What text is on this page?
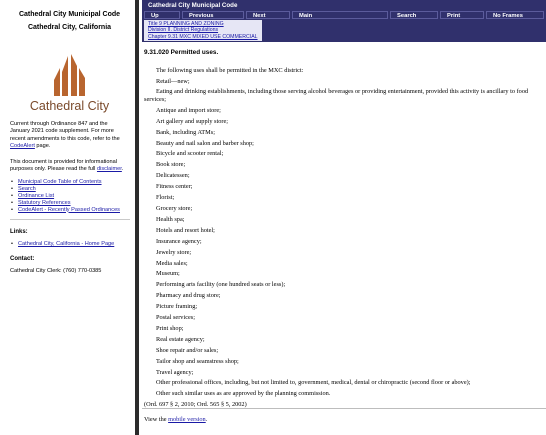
Cathedral City Municipal Code
Cathedral City, California
Cathedral City

Current through Ordinance 847 and the January 2021 code supplement. For more recent amendments to this code, refer to the CodeAlert page.

This document is provided for informational purposes only. Please read the full disclaimer.

• Municipal Code Table of Contents
• Search
• Ordinance List
• Statutory References
• CodeAlert - Recently Passed Ordinances
Links:
• Cathedral City, California - Home Page
Contact:

Cathedral City Clerk: (760) 770-0385

Cathedral City Municipal Code
Up	Previous	Next	Main	Search	Print	No Frames
Title 9 PLANNING AND ZONING
Division II. District Regulations
Chapter 9.31 MXC MIXED USE COMMERCIAL
9.31.020 Permitted uses.
The following uses shall be permitted in the MXC district:
Retail—new;
Eating and drinking establishments, including those serving alcohol beverages or providing entertainment, provided this activity is ancillary to food services;
Antique and import store;
Art gallery and supply store;
Bank, including ATMs;
Beauty and nail salon and barber shop;
Bicycle and scooter rental;
Book store;
Delicatessen;
Fitness center;
Florist;
Grocery store;
Health spa;
Hotels and resort hotel;
Insurance agency;
Jewelry store;
Media sales;
Museum;
Performing arts facility (one hundred seats or less);
Pharmacy and drug store;
Picture framing;
Postal services;
Print shop;
Real estate agency;
Shoe repair and/or sales;
Tailor shop and seamstress shop;
Travel agency;
Other professional offices, including, but not limited to, government, medical, dental or chiropractic (second floor or above);
Other such similar uses as are approved by the planning commission.
(Ord. 697 § 2, 2010; Ord. 565 § 5, 2002)
View the mobile version.
